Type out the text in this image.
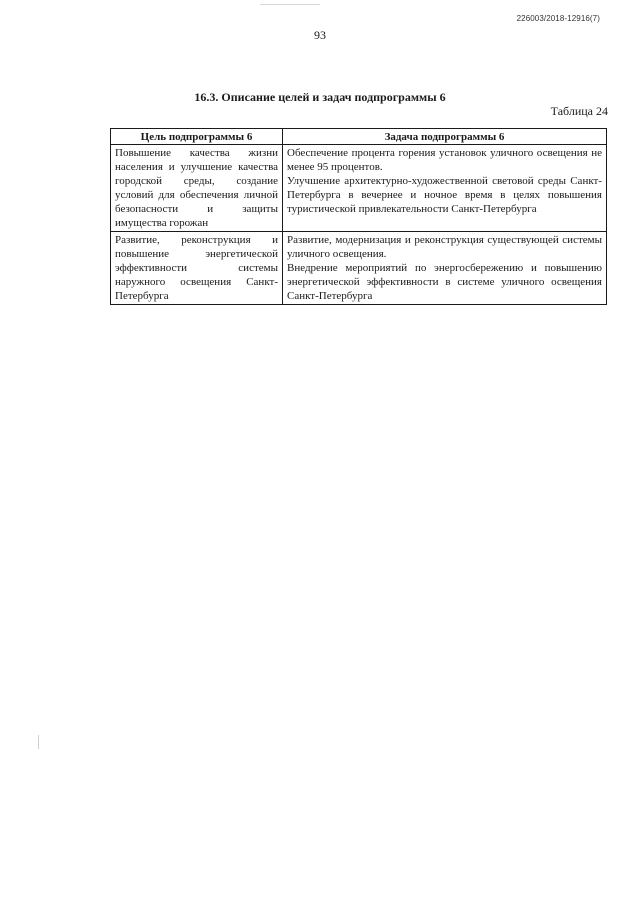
226003/2018-12916(7)
93
16.3. Описание целей и задач подпрограммы 6
Таблица 24
Цель подпрограммы 6	Задача подпрограммы 6

Повышение качества жизни населения и улучшение качества городской среды, создание условий для обеспечения личной безопасности и защиты имущества горожан	Обеспечение процента горения установок уличного освещения не менее 95 процентов.
Улучшение архитектурно-художественной световой среды Санкт-Петербурга в вечернее и ночное время в целях повышения туристической привлекательности Санкт-Петербурга

Развитие, реконструкция и повышение энергетической эффективности системы наружного освещения Санкт-Петербурга	Развитие, модернизация и реконструкция существующей системы уличного освещения.
Внедрение мероприятий по энергосбережению и повышению энергетической эффективности в системе уличного освещения Санкт-Петербурга
